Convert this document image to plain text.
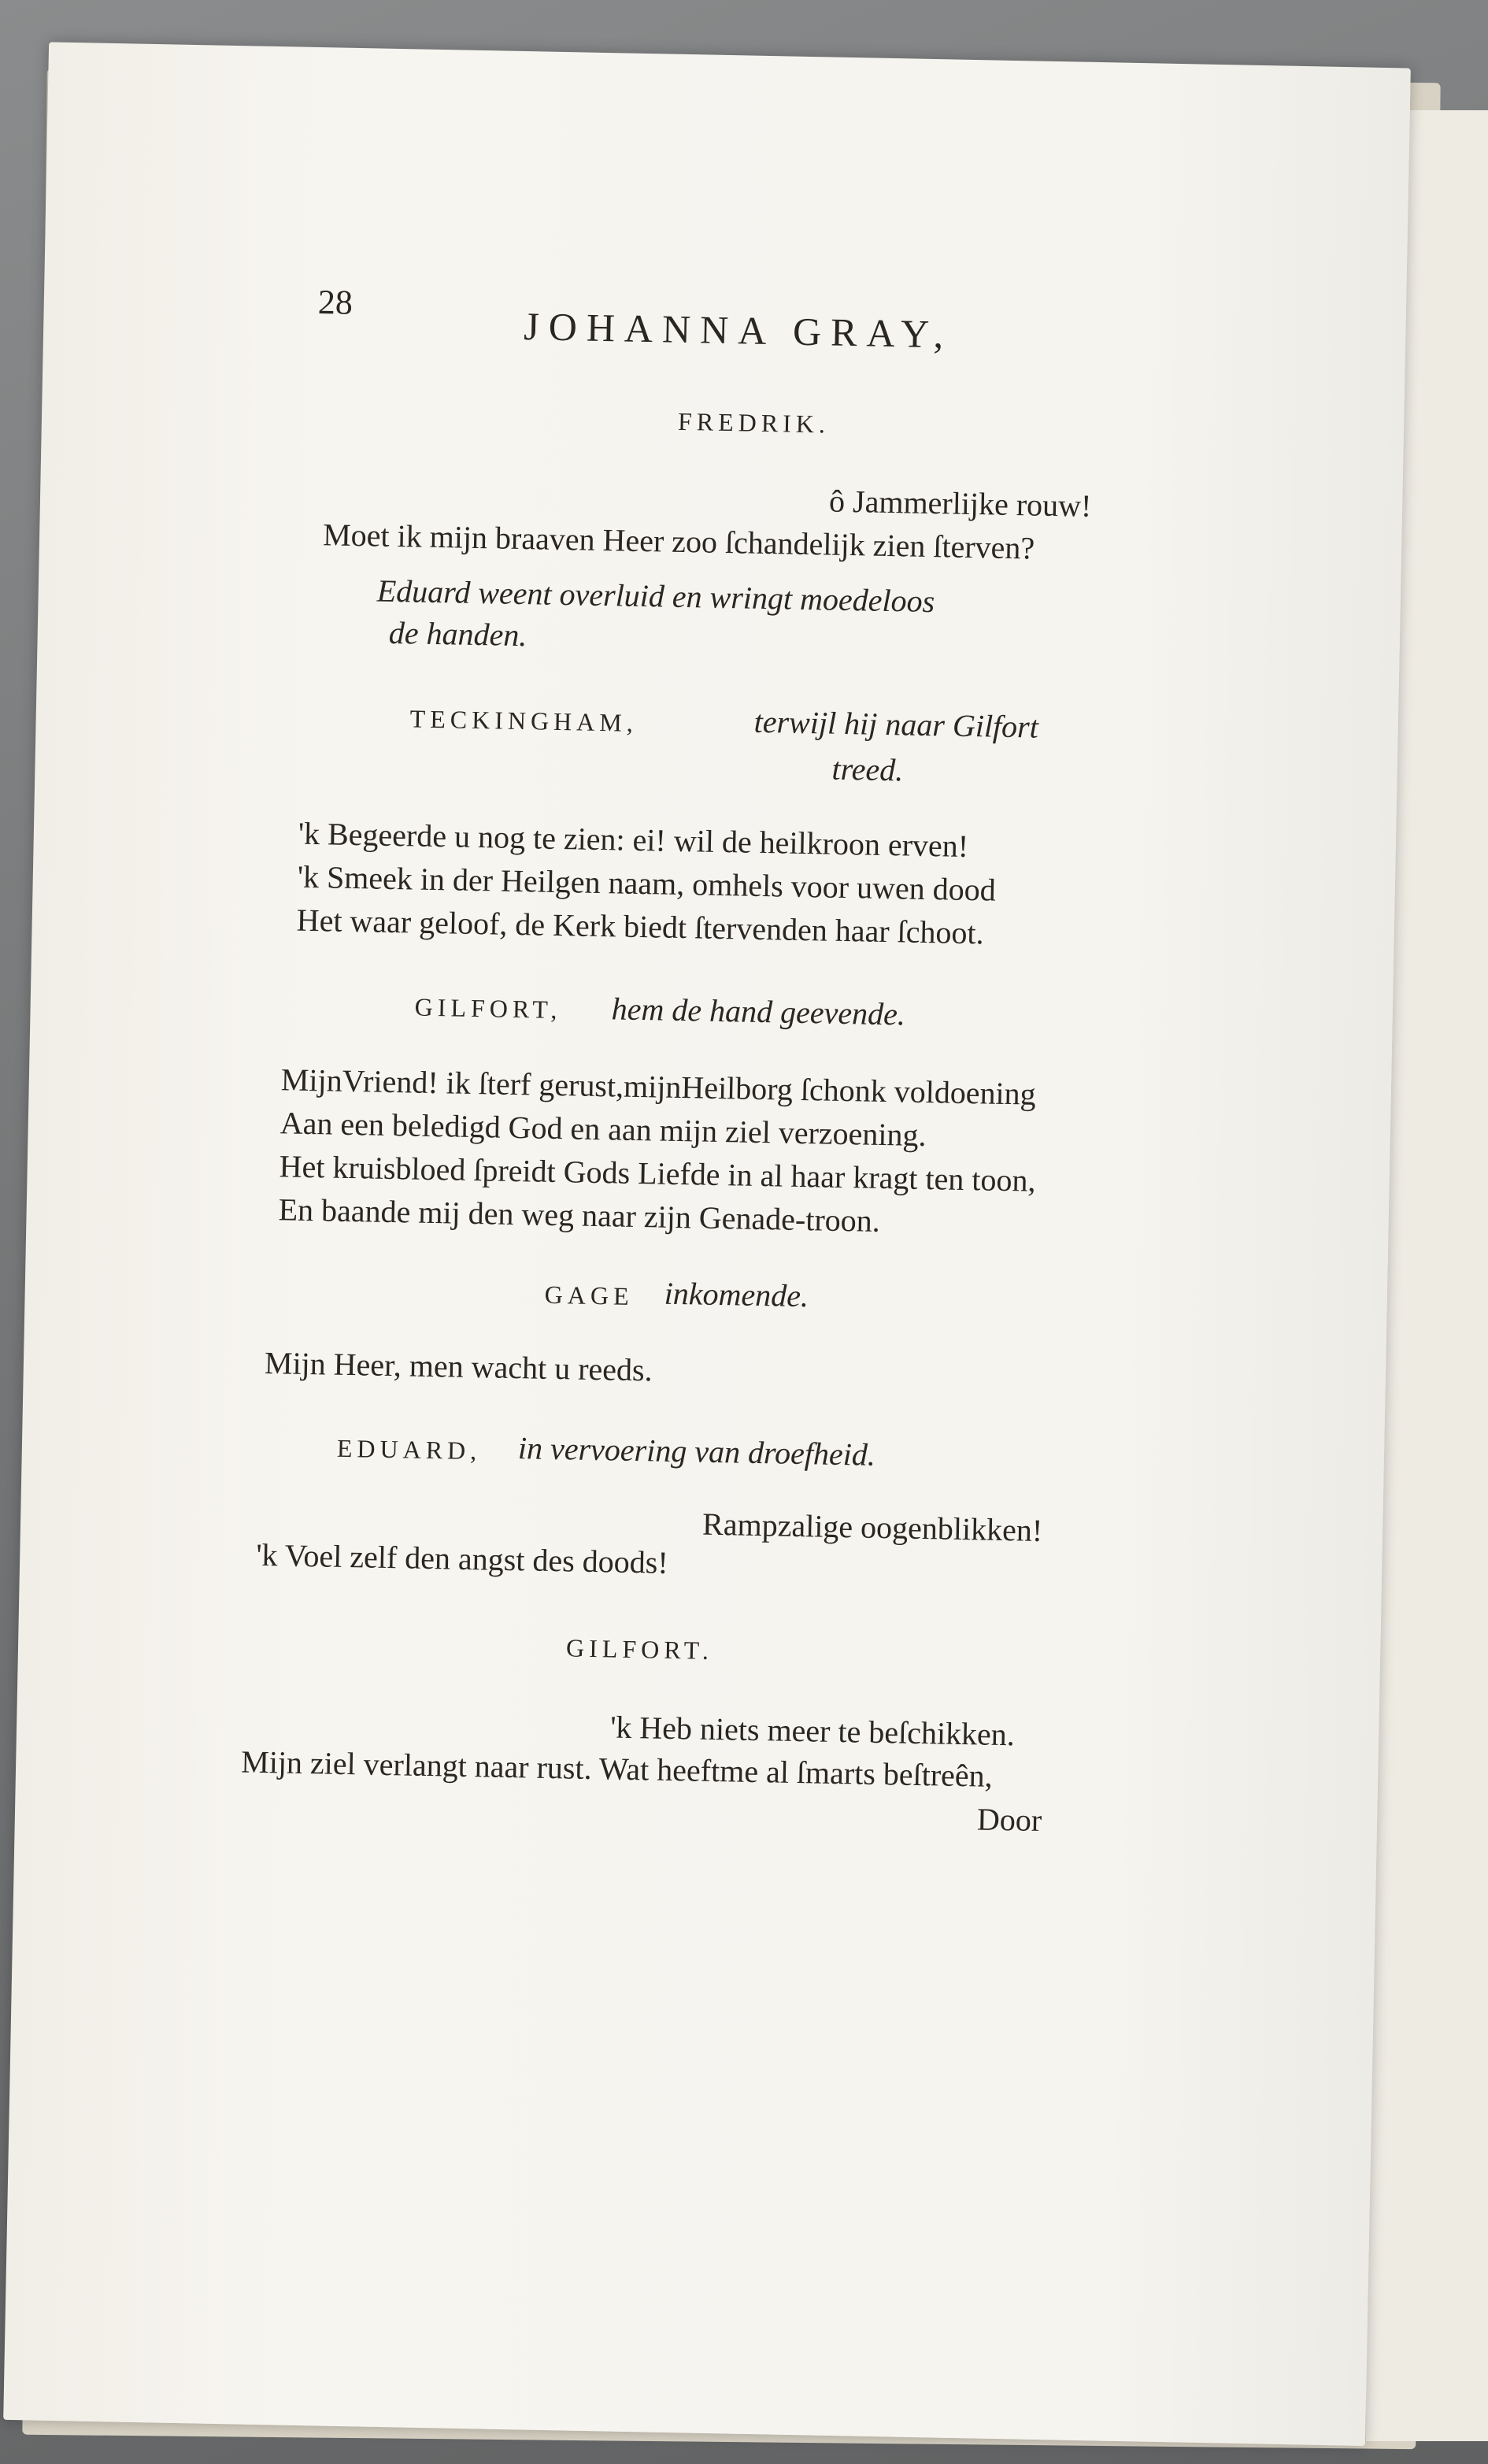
28
JOHANNA GRAY,
FREDRIK.
ô Jammerlijke rouw!
Moet ik mijn braaven Heer zoo ſchandelijk zien ſterven?
Eduard weent overluid en wringt moedeloos
de handen.
TECKINGHAM,	terwijl hij naar Gilfort
treed.
'k Begeerde u nog te zien: ei! wil de heilkroon erven!
'k Smeek in der Heilgen naam, omhels voor uwen dood
Het waar geloof, de Kerk biedt ſtervenden haar ſchoot.
GILFORT, hem de hand geevende.
MijnVriend! ik ſterf gerust,mijnHeilborg ſchonk voldoening
Aan een beledigd God en aan mijn ziel verzoening.
Het kruisbloed ſpreidt Gods Liefde in al haar kragt ten toon,
En baande mij den weg naar zijn Genade-troon.
GAGE inkomende.
Mijn Heer, men wacht u reeds.
EDUARD, in vervoering van droefheid.
Rampzalige oogenblikken!
'k Voel zelf den angst des doods!
GILFORT.
'k Heb niets meer te beſchikken.
Mijn ziel verlangt naar rust. Wat heeftme al ſmarts beſtreên,
Door
